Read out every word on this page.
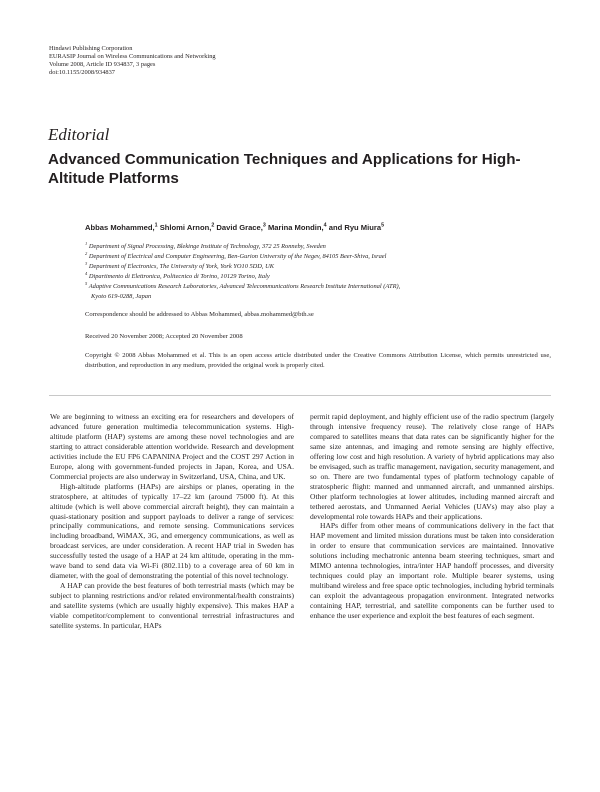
Hindawi Publishing Corporation
EURASIP Journal on Wireless Communications and Networking
Volume 2008, Article ID 934837, 3 pages
doi:10.1155/2008/934837
Editorial
Advanced Communication Techniques and Applications for High-Altitude Platforms
Abbas Mohammed,$^1$ Shlomi Arnon,$^2$ David Grace,$^3$ Marina Mondin,$^4$ and Ryu Miura$^5$
$^1$ Department of Signal Processing, Blekinge Institute of Technology, 372 25 Ronneby, Sweden
$^2$ Department of Electrical and Computer Engineering, Ben-Gurion University of the Negev, 84105 Beer-Shiva, Israel
$^3$ Department of Electronics, The University of York, York YO10 5DD, UK
$^4$ Dipartimento di Elettronica, Politecnico di Torino, 10129 Torino, Italy
$^5$ Adaptive Communications Research Laboratories, Advanced Telecommunications Research Institute International (ATR),
Kyoto 619-0288, Japan
Correspondence should be addressed to Abbas Mohammed, abbas.mohammed@bth.se
Received 20 November 2008; Accepted 20 November 2008
Copyright © 2008 Abbas Mohammed et al. This is an open access article distributed under the Creative Commons Attribution License, which permits unrestricted use, distribution, and reproduction in any medium, provided the original work is properly cited.

We are beginning to witness an exciting era for researchers and developers of advanced future generation multimedia telecommunication systems. High-altitude platform (HAP) systems are among these novel technologies and are starting to attract considerable attention worldwide. Research and development activities include the EU FP6 CAPANINA Project and the COST 297 Action in Europe, along with government-funded projects in Japan, Korea, and USA. Commercial projects are also underway in Switzerland, USA, China, and UK.

High-altitude platforms (HAPs) are airships or planes, operating in the stratosphere, at altitudes of typically 17–22 km (around 75000 ft). At this altitude (which is well above commercial aircraft height), they can maintain a quasi-stationary position and support payloads to deliver a range of services: principally communications, and remote sensing. Communications services including broadband, WiMAX, 3G, and emergency communications, as well as broadcast services, are under consideration. A recent HAP trial in Sweden has successfully tested the usage of a HAP at 24 km altitude, operating in the mm-wave band to send data via Wi-Fi (802.11b) to a coverage area of 60 km in diameter, with the goal of demonstrating the potential of this novel technology.

A HAP can provide the best features of both terrestrial masts (which may be subject to planning restrictions and/or related environmental/health constraints) and satellite systems (which are usually highly expensive). This makes HAP a viable competitor/complement to conventional terrestrial infrastructures and satellite systems. In particular, HAPs

permit rapid deployment, and highly efficient use of the radio spectrum (largely through intensive frequency reuse). The relatively close range of HAPs compared to satellites means that data rates can be significantly higher for the same size antennas, and imaging and remote sensing are highly effective, offering low cost and high resolution. A variety of hybrid applications may also be envisaged, such as traffic management, navigation, security management, and so on. There are two fundamental types of platform technology capable of stratospheric flight: manned and unmanned aircraft, and unmanned airships. Other platform technologies at lower altitudes, including manned aircraft and tethered aerostats, and Unmanned Aerial Vehicles (UAVs) may also play a developmental role towards HAPs and their applications.

HAPs differ from other means of communications delivery in the fact that HAP movement and limited mission durations must be taken into consideration in order to ensure that communication services are maintained. Innovative solutions including mechatronic antenna beam steering techniques, smart and MIMO antenna technologies, intra/inter HAP handoff processes, and diversity techniques could play an important role. Multiple bearer systems, using multiband wireless and free space optic technologies, including hybrid terminals can exploit the advantageous propagation environment. Integrated networks containing HAP, terrestrial, and satellite components can be further used to enhance the user experience and exploit the best features of each segment.
